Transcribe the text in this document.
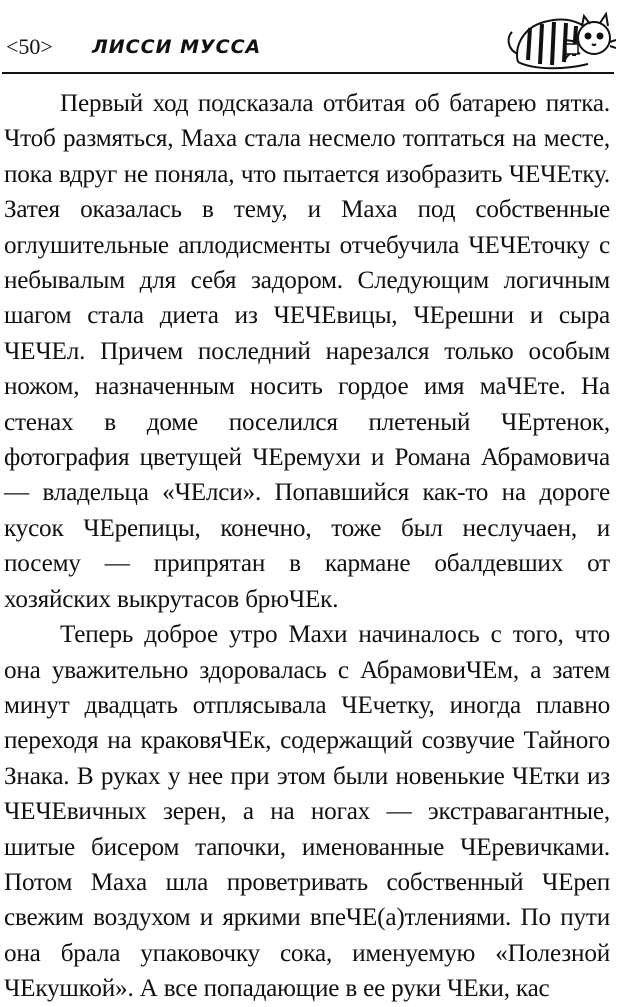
<50> ЛИССИ МУССА

Первый ход подсказала отбитая об батарею пятка. Чтоб размяться, Маха стала несмело топтаться на месте, пока вдруг не поняла, что пытается изобразить ЧЕЧЕтку. Затея оказалась в тему, и Маха под собственные оглушительные аплодисменты отчебучила ЧЕЧЕточку с небывалым для себя задором. Следующим логичным шагом стала диета из ЧЕЧЕвицы, ЧЕрешни и сыра ЧЕЧЕл. Причем последний нарезался только особым ножом, назначенным носить гордое имя маЧЕте. На стенах в доме поселился плетеный ЧЕртенок, фотография цветущей ЧЕремухи и Романа Абрамовича — владельца «ЧЕлси». Попавшийся как-то на дороге кусок ЧЕрепицы, конечно, тоже был неслучаен, и посему — припрятан в кармане обалдевших от хозяйских выкрутасов брюЧЕк.

Теперь доброе утро Махи начиналось с того, что она уважительно здоровалась с АбрамовиЧЕм, а затем минут двадцать отплясывала ЧЕчетку, иногда плавно переходя на краковяЧЕк, содержащий созвучие Тайного Знака. В руках у нее при этом были новенькие ЧЕтки из ЧЕЧЕвичных зерен, а на ногах — экстравагантные, шитые бисером тапочки, именованные ЧЕревичками. Потом Маха шла проветривать собственный ЧЕреп свежим воздухом и яркими впеЧЕ(а)тлениями. По пути она брала упаковочку сока, именуемую «Полезной ЧЕкушкой». А все попадающие в ее руки ЧЕки, кас
